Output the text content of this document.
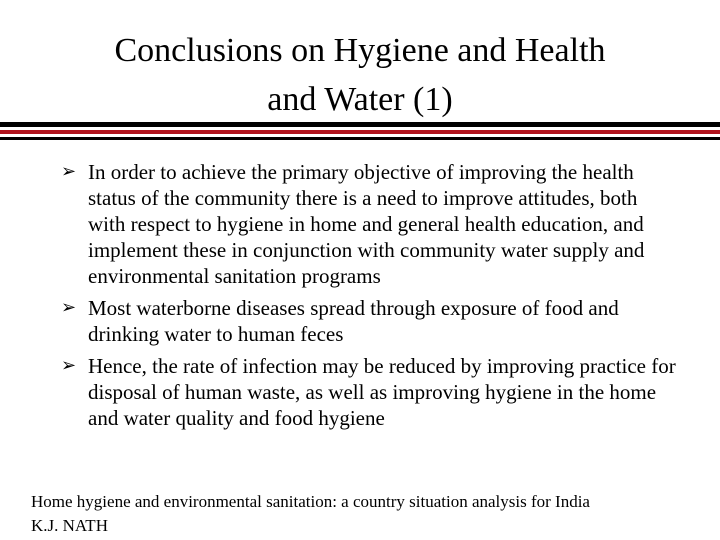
Conclusions on Hygiene and Health
and Water (1)
➢ In order to achieve the primary objective of improving the health status of the community there is a need to improve attitudes, both with respect to hygiene in home and general health education, and implement these in conjunction with community water supply and environmental sanitation programs
➢ Most waterborne diseases spread through exposure of food and drinking water to human feces
➢ Hence, the rate of infection may be reduced by improving practice for disposal of human waste, as well as improving hygiene in the home and water quality and food hygiene
Home hygiene and environmental sanitation: a country situation analysis for India
K.J. NATH
